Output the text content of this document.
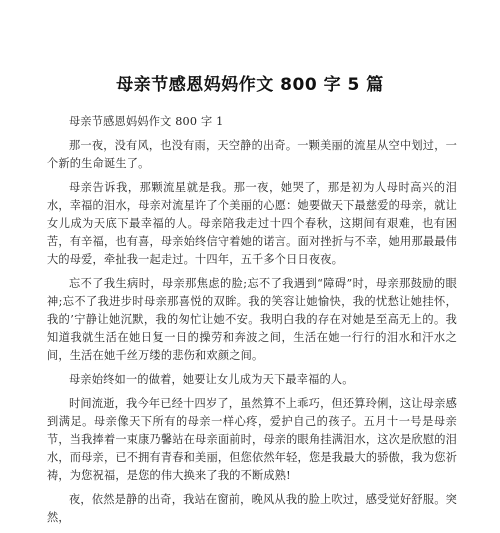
母亲节感恩妈妈作文 800 字 5 篇

母亲节感恩妈妈作文 800 字 1

那一夜，没有风，也没有雨，天空静的出奇。一颗美丽的流星从空中划过，一个新的生命诞生了。

母亲告诉我，那颗流星就是我。那一夜，她哭了，那是初为人母时高兴的泪水，幸福的泪水，母亲对流星许了个美丽的心愿：她要做天下最慈爱的母亲，就让女儿成为天底下最幸福的人。母亲陪我走过十四个春秋，这期间有艰难，也有困苦，有辛福，也有喜，母亲始终信守着她的诺言。面对挫折与不幸，她用那最最伟大的母爱，牵扯我一起走过。十四年，五千多个日日夜夜。

忘不了我生病时，母亲那焦虑的脸;忘不了我遇到“障碍”时，母亲那鼓励的眼神;忘不了我进步时母亲那喜悦的双眸。我的笑容让她愉快，我的忧愁让她挂怀，我的’宁静让她沉默，我的匆忙让她不安。我明白我的存在对她是至高无上的。我知道我就生活在她日复一日的操劳和奔波之间，生活在她一行行的泪水和汗水之间，生活在她千丝万缕的悲伤和欢颜之间。

母亲始终如一的做着，她要让女儿成为天下最幸福的人。

时间流逝，我今年已经十四岁了，虽然算不上乖巧，但还算玲俐，这让母亲感到满足。母亲像天下所有的母亲一样心疼，爱护自己的孩子。五月十一号是母亲节，当我捧着一束康乃馨站在母亲面前时，母亲的眼角挂满泪水，这次是欣慰的泪水，而母亲，已不拥有青春和美丽，但您依然年轻，您是我最大的骄傲，我为您祈祷，为您祝福，是您的伟大换来了我的不断成熟!

夜，依然是静的出奇，我站在窗前，晚风从我的脸上吹过，感受觉好舒服。突然，
